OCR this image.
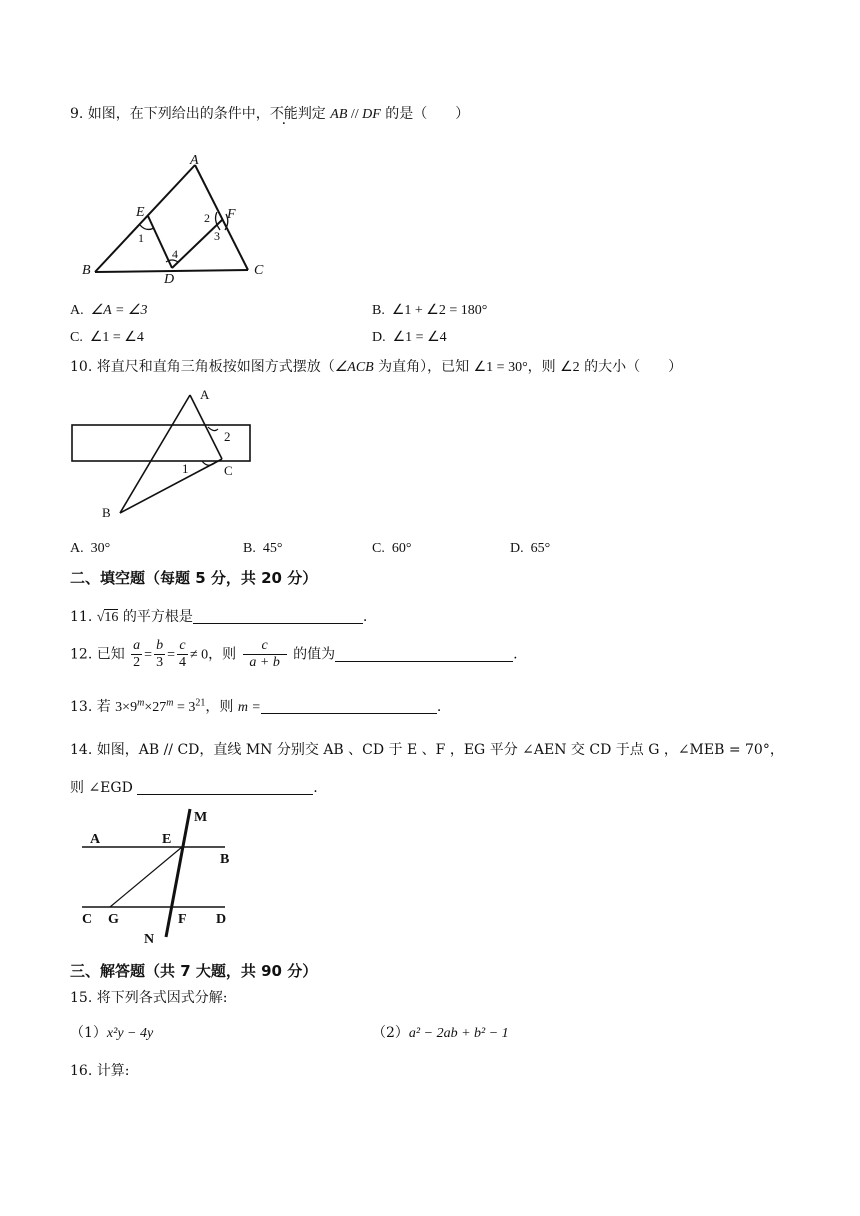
9. 如图，在下列给出的条件中，不能判定 AB // DF 的是（　　）
A
B	C
D
E	F
1
2
3
4
A. ∠A = ∠3	B. ∠1 + ∠2 = 180°
C. ∠1 = ∠4	D. ∠1 = ∠4
10. 将直尺和直角三角板按如图方式摆放（∠ACB 为直角），已知 ∠1 = 30°，则 ∠2 的大小（　　）
A
B
C
1
2
A. 30°	B. 45°	C. 60°	D. 65°
二、填空题（每题 5 分，共 20 分）
11. √16 的平方根是	.
12. 已知 $\frac{a}{2} = \frac{b}{3} = \frac{c}{4} \ne 0$，则 $\frac{c}{a + b}$ 的值为	.
13. 若 $3\times 9^m\times 27^m = 3^{21}$，则 m =	.
14. 如图，AB // CD，直线 MN 分别交 AB 、CD 于 E 、F ，EG 平分 ∠AEN 交 CD 于点 G ，∠MEB = 70°，
则 ∠EGD	.
A
B
C	D
E
F
G
M
N
三、解答题（共 7 大题，共 90 分）
15. 将下列各式因式分解:
（1）x²y − 4y	（2）a² − 2ab + b² − 1
16. 计算:
